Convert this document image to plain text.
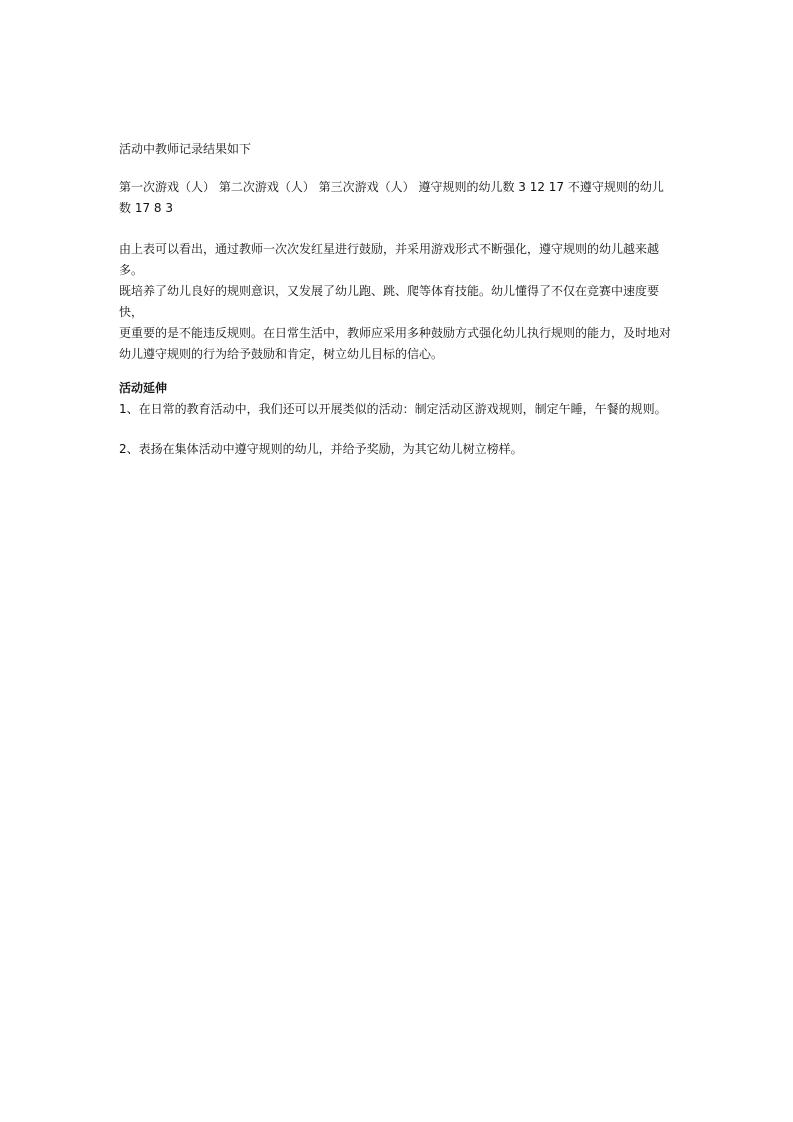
活动中教师记录结果如下

第一次游戏（人） 第二次游戏（人） 第三次游戏（人） 遵守规则的幼儿数 3 12 17 不遵守规则的幼儿
数 17 8 3
由上表可以看出，通过教师一次次发红星进行鼓励，并采用游戏形式不断强化，遵守规则的幼儿越来越多。
既培养了幼儿良好的规则意识，又发展了幼儿跑、跳、爬等体育技能。幼儿懂得了不仅在竞赛中速度要快，
更重要的是不能违反规则。在日常生活中，教师应采用多种鼓励方式强化幼儿执行规则的能力，及时地对
幼儿遵守规则的行为给予鼓励和肯定，树立幼儿目标的信心。
活动延伸

1、在日常的教育活动中，我们还可以开展类似的活动：制定活动区游戏规则，制定午睡，午餐的规则。

2、表扬在集体活动中遵守规则的幼儿，并给予奖励，为其它幼儿树立榜样。
